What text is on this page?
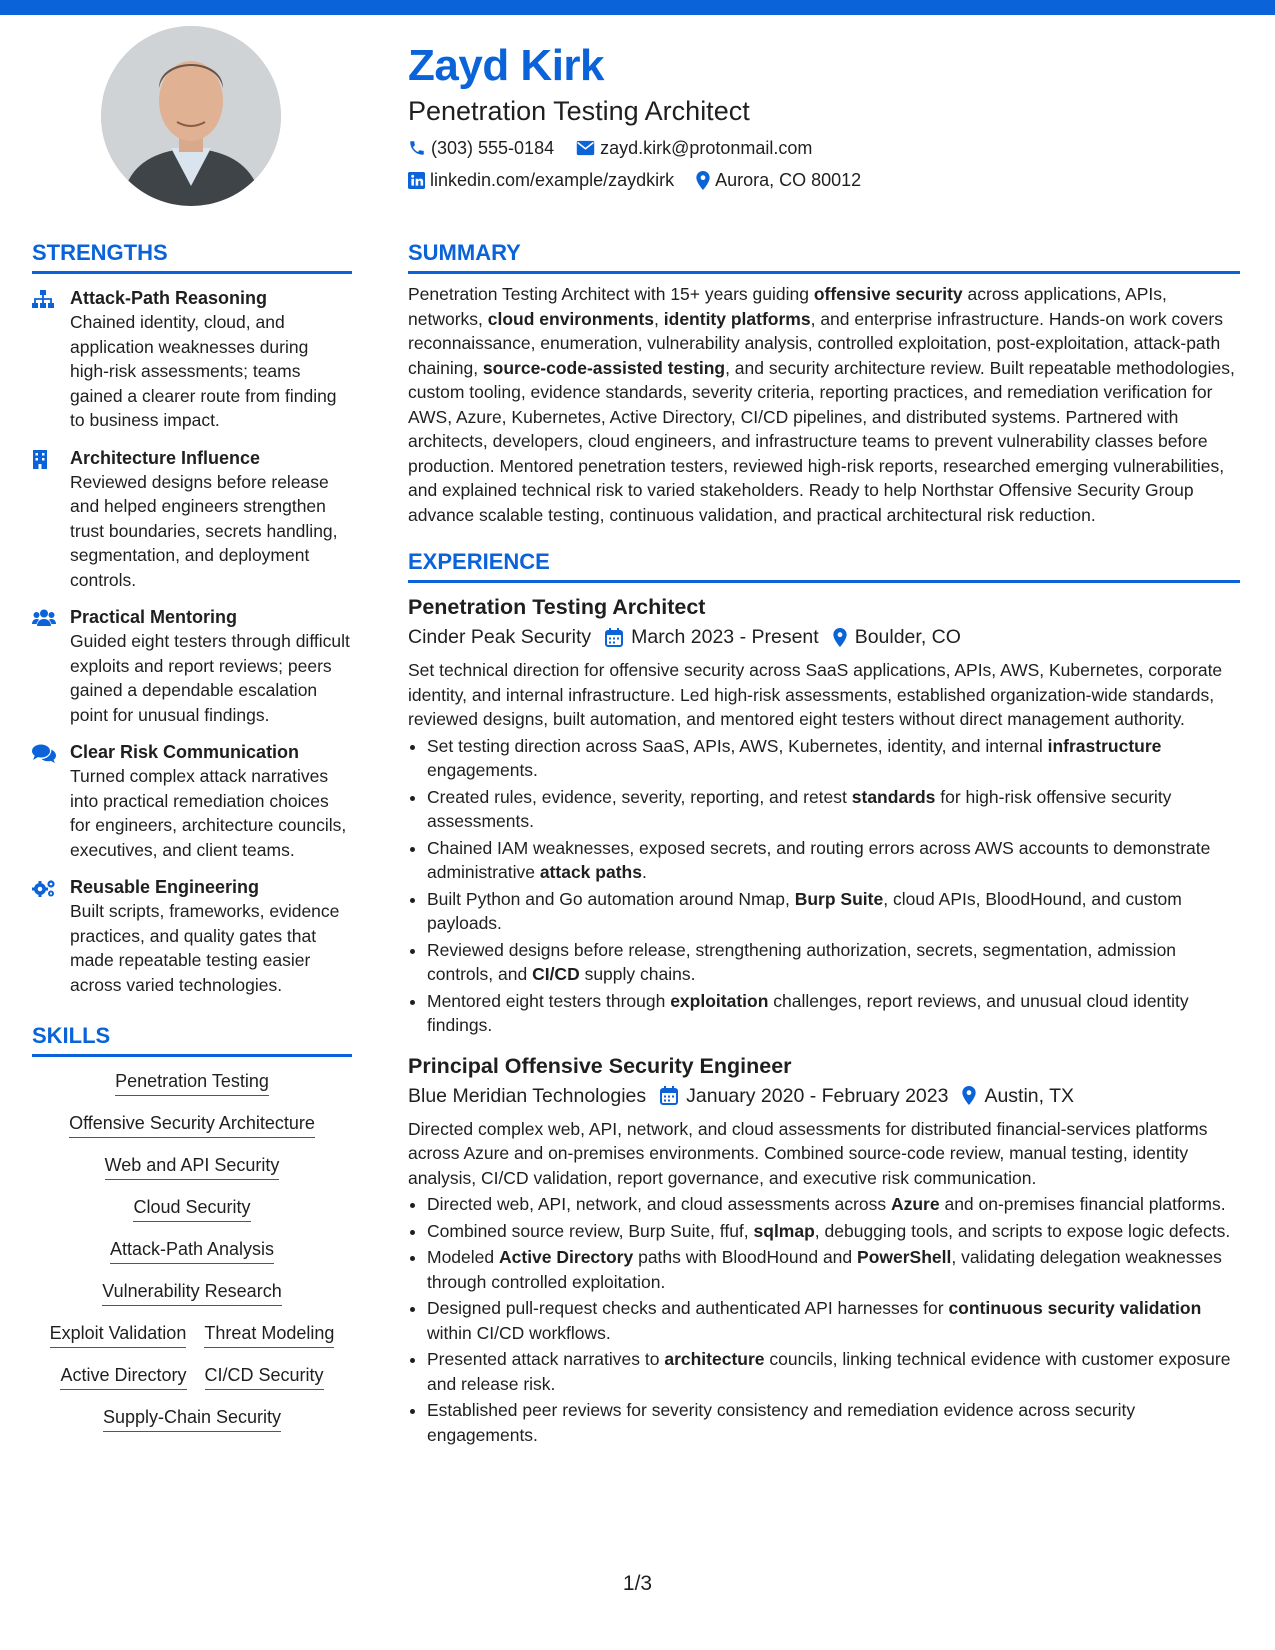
Zayd Kirk
Penetration Testing Architect
(303) 555-0184	zayd.kirk@protonmail.com
linkedin.com/example/zaydkirk Aurora, CO 80012
STRENGTHS
Attack-Path Reasoning
Chained identity, cloud, and application weaknesses during high-risk assessments; teams gained a clearer route from finding to business impact.
Architecture Influence
Reviewed designs before release and helped engineers strengthen trust boundaries, secrets handling, segmentation, and deployment controls.
Practical Mentoring
Guided eight testers through difficult exploits and report reviews; peers gained a dependable escalation point for unusual findings.
Clear Risk Communication
Turned complex attack narratives into practical remediation choices for engineers, architecture councils, executives, and client teams.
Reusable Engineering
Built scripts, frameworks, evidence practices, and quality gates that made repeatable testing easier across varied technologies.
SKILLS
Penetration Testing
Offensive Security Architecture
Web and API Security
Cloud Security
Attack-Path Analysis
Vulnerability Research
Exploit Validation Threat Modeling
Active Directory CI/CD Security
Supply-Chain Security
SUMMARY
Penetration Testing Architect with 15+ years guiding offensive security across applications, APIs, networks, cloud environments, identity platforms, and enterprise infrastructure. Hands-on work covers reconnaissance, enumeration, vulnerability analysis, controlled exploitation, post-exploitation, attack-path chaining, source-code-assisted testing, and security architecture review. Built repeatable methodologies, custom tooling, evidence standards, severity criteria, reporting practices, and remediation verification for AWS, Azure, Kubernetes, Active Directory, CI/CD pipelines, and distributed systems. Partnered with architects, developers, cloud engineers, and infrastructure teams to prevent vulnerability classes before production. Mentored penetration testers, reviewed high-risk reports, researched emerging vulnerabilities, and explained technical risk to varied stakeholders. Ready to help Northstar Offensive Security Group advance scalable testing, continuous validation, and practical architectural risk reduction.
EXPERIENCE
Penetration Testing Architect
Cinder Peak Security March 2023 - Present Boulder, CO
Set technical direction for offensive security across SaaS applications, APIs, AWS, Kubernetes, corporate identity, and internal infrastructure. Led high-risk assessments, established organization-wide standards, reviewed designs, built automation, and mentored eight testers without direct management authority.
• Set testing direction across SaaS, APIs, AWS, Kubernetes, identity, and internal infrastructure engagements.
• Created rules, evidence, severity, reporting, and retest standards for high-risk offensive security assessments.
• Chained IAM weaknesses, exposed secrets, and routing errors across AWS accounts to demonstrate administrative attack paths.
• Built Python and Go automation around Nmap, Burp Suite, cloud APIs, BloodHound, and custom payloads.
• Reviewed designs before release, strengthening authorization, secrets, segmentation, admission controls, and CI/CD supply chains.
• Mentored eight testers through exploitation challenges, report reviews, and unusual cloud identity findings.
Principal Offensive Security Engineer
Blue Meridian Technologies January 2020 - February 2023 Austin, TX
Directed complex web, API, network, and cloud assessments for distributed financial-services platforms across Azure and on-premises environments. Combined source-code review, manual testing, identity analysis, CI/CD validation, report governance, and executive risk communication.
• Directed web, API, network, and cloud assessments across Azure and on-premises financial platforms.
• Combined source review, Burp Suite, ffuf, sqlmap, debugging tools, and scripts to expose logic defects.
• Modeled Active Directory paths with BloodHound and PowerShell, validating delegation weaknesses through controlled exploitation.
• Designed pull-request checks and authenticated API harnesses for continuous security validation within CI/CD workflows.
• Presented attack narratives to architecture councils, linking technical evidence with customer exposure and release risk.
• Established peer reviews for severity consistency and remediation evidence across security engagements.
1/3
